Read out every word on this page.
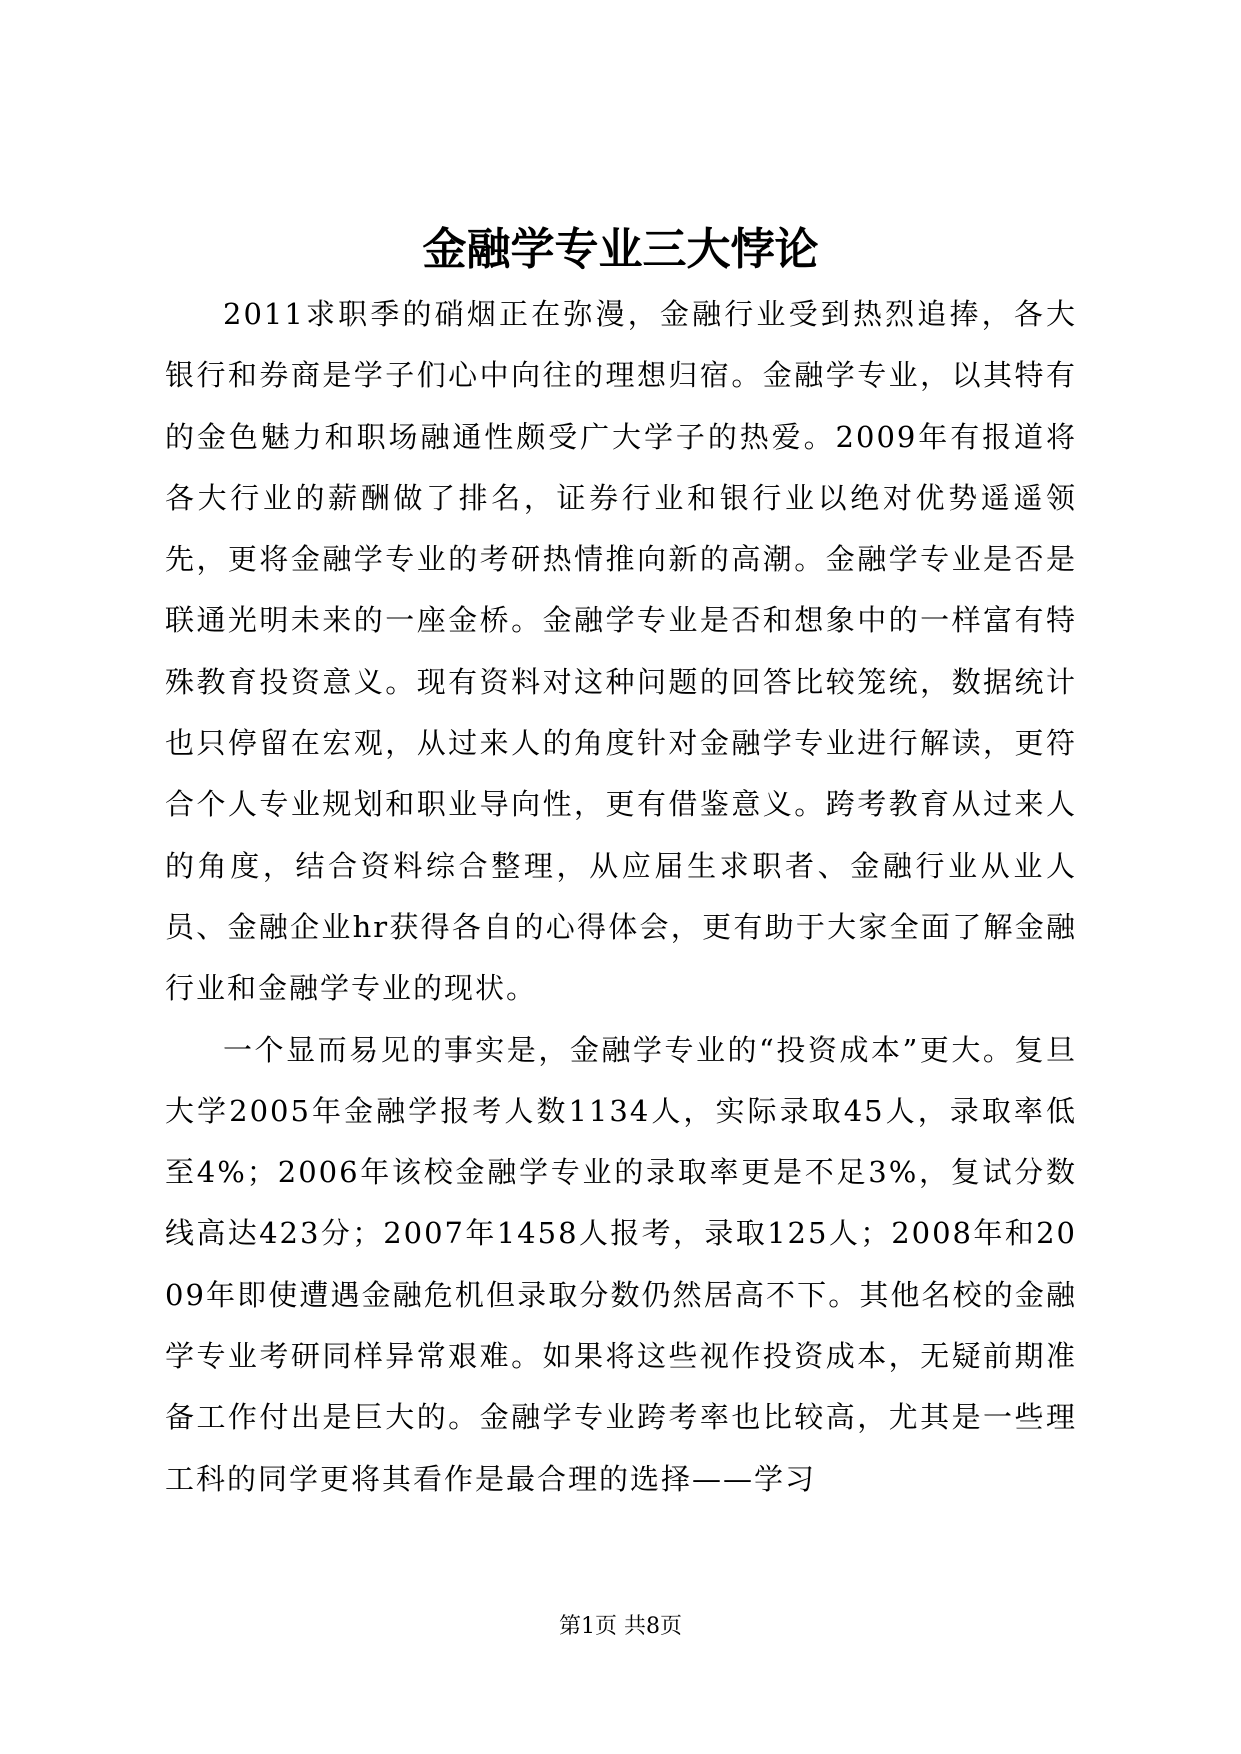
金融学专业三大悖论

2011求职季的硝烟正在弥漫，金融行业受到热烈追捧，各大银行和券商是学子们心中向往的理想归宿。金融学专业，以其特有的金色魅力和职场融通性颇受广大学子的热爱。2009年有报道将各大行业的薪酬做了排名，证券行业和银行业以绝对优势遥遥领先，更将金融学专业的考研热情推向新的高潮。金融学专业是否是联通光明未来的一座金桥。金融学专业是否和想象中的一样富有特殊教育投资意义。现有资料对这种问题的回答比较笼统，数据统计也只停留在宏观，从过来人的角度针对金融学专业进行解读，更符合个人专业规划和职业导向性，更有借鉴意义。跨考教育从过来人的角度，结合资料综合整理，从应届生求职者、金融行业从业人员、金融企业hr获得各自的心得体会，更有助于大家全面了解金融行业和金融学专业的现状。

一个显而易见的事实是，金融学专业的“投资成本”更大。复旦大学2005年金融学报考人数1134人，实际录取45人，录取率低至4%；2006年该校金融学专业的录取率更是不足3%，复试分数线高达423分；2007年1458人报考，录取125人；2008年和2009年即使遭遇金融危机但录取分数仍然居高不下。其他名校的金融学专业考研同样异常艰难。如果将这些视作投资成本，无疑前期准备工作付出是巨大的。金融学专业跨考率也比较高，尤其是一些理工科的同学更将其看作是最合理的选择——学习

第1页 共8页
